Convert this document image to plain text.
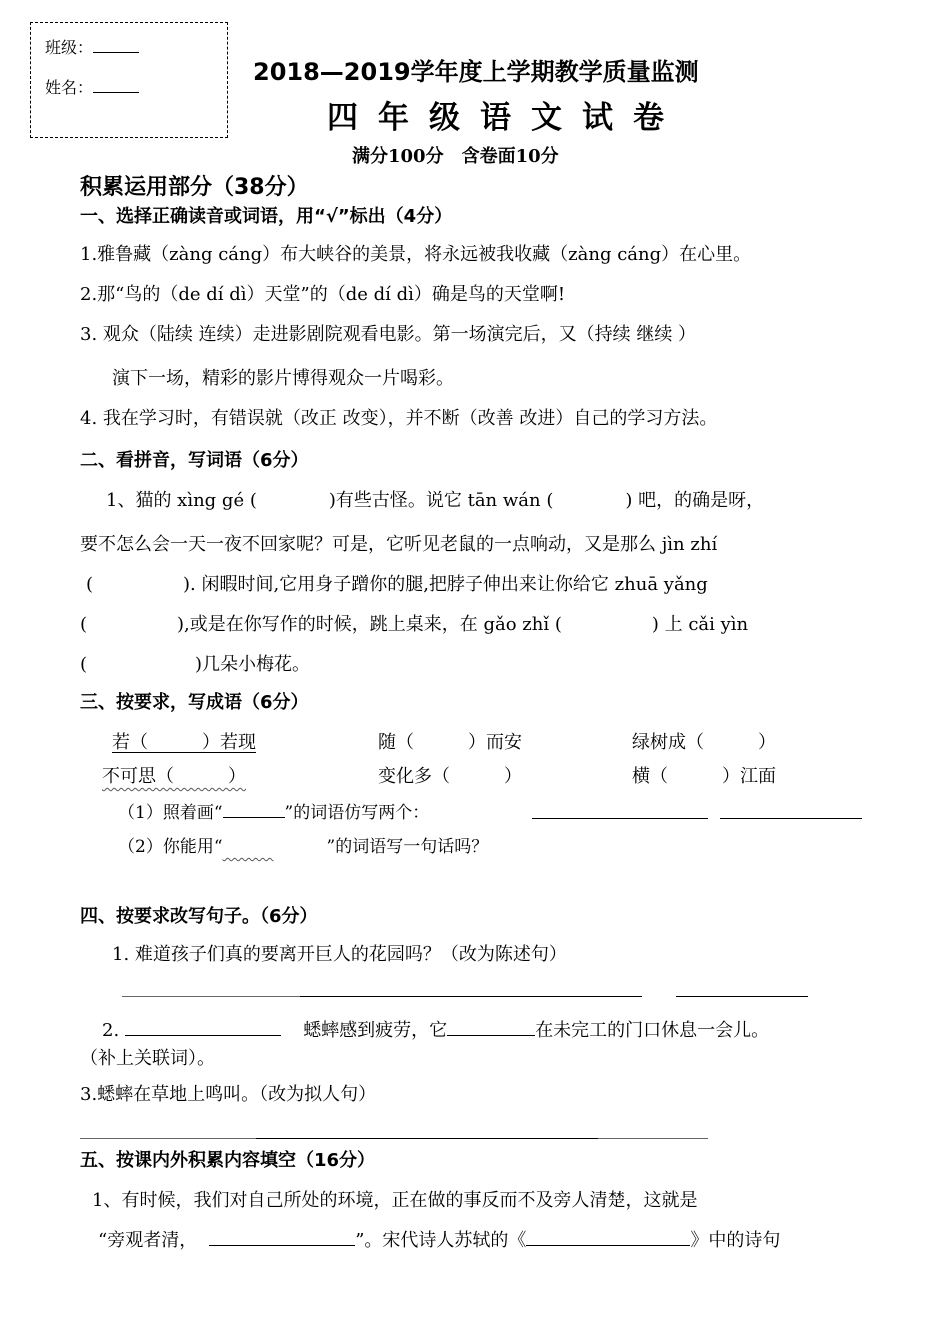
班级：
姓名：
2018—2019学年度上学期教学质量监测
四年级语文试卷
满分100分　含卷面10分
积累运用部分（38分）
一、选择正确读音或词语，用“√”标出（4分）
1.雅鲁藏（zàng cáng）布大峡谷的美景，将永远被我收藏（zàng cáng）在心里。
2.那“鸟的（de dí dì）天堂”的（de dí dì）确是鸟的天堂啊!
3. 观众（陆续 连续）走进影剧院观看电影。第一场演完后，又（持续 继续 ）
演下一场，精彩的影片博得观众一片喝彩。
4. 我在学习时，有错误就（改正 改变），并不断（改善 改进）自己的学习方法。
二、看拼音，写词语（6分）
1、猫的 xìng gé (　　　　)有些古怪。说它 tān wán (　　　　) 吧，的确是呀，
要不怎么会一天一夜不回家呢？可是，它听见老鼠的一点响动，又是那么 jìn zhí
(　　　　　). 闲暇时间,它用身子蹭你的腿,把脖子伸出来让你给它 zhuā yǎng
(　　　　　),或是在你写作的时候，跳上桌来，在 gǎo zhǐ (　　　　　) 上 cǎi yìn
(　　　　　　)几朵小梅花。
三、按要求，写成语（6分）
若（　　　）若现	随（　　　）而安	绿树成（　　　）
不可思（　　　）	变化多（　　　）	横（　　　）江面
（1）照着画“	”的词语仿写两个：
（2）你能用“      	”的词语写一句话吗？
四、按要求改写句子。（6分）
1. 难道孩子们真的要离开巨人的花园吗？（改为陈述句）
2.	蟋蟀感到疲劳，它	在未完工的门口休息一会儿。
（补上关联词）。
3.蟋蟀在草地上鸣叫。（改为拟人句）
五、按课内外积累内容填空（16分）
1、有时候，我们对自己所处的环境，正在做的事反而不及旁人清楚，这就是
“旁观者清，	”。宋代诗人苏轼的《	》中的诗句
